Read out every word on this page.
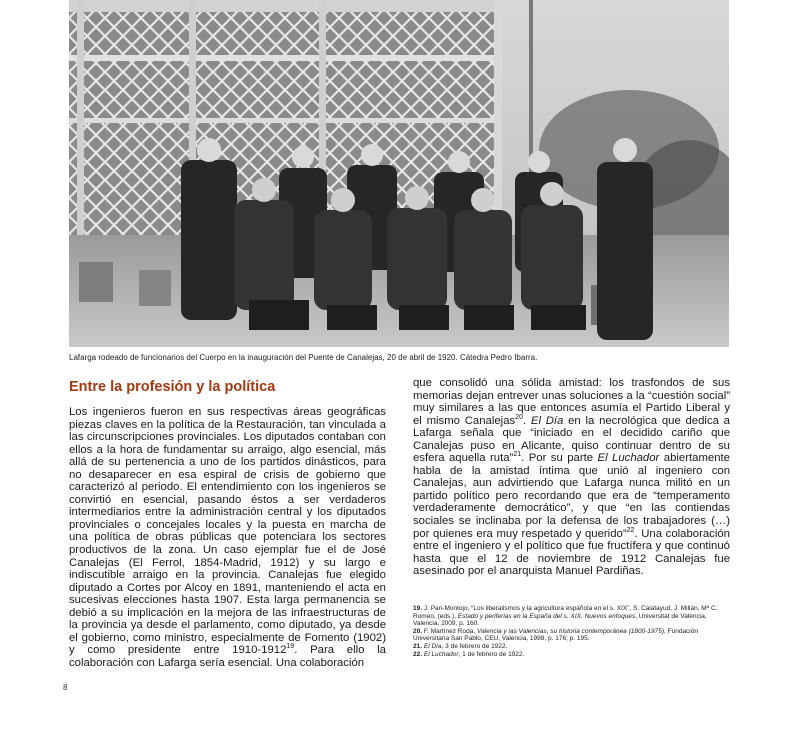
Lafarga rodeado de funcionarios del Cuerpo en la inauguración del Puente de Canalejas, 20 de abril de 1920. Cátedra Pedro Ibarra.
Entre la profesión y la política

Los ingenieros fueron en sus respectivas áreas geográficas piezas claves en la política de la Restauración, tan vinculada a las circunscripciones provinciales. Los diputados contaban con ellos a la hora de fundamentar su arraigo, algo esencial, más allá de su pertenencia a uno de los partidos dinásticos, para no desaparecer en esa espiral de crisis de gobierno que caracterizó al periodo. El entendimiento con los ingenieros se convirtió en esencial, pasando éstos a ser verdaderos intermediarios entre la administración central y los diputados provinciales o concejales locales y la puesta en marcha de una política de obras públicas que potenciara los sectores productivos de la zona. Un caso ejemplar fue el de José Canalejas (El Ferrol, 1854-Madrid, 1912) y su largo e indiscutible arraigo en la provincia. Canalejas fue elegido diputado a Cortes por Alcoy en 1891, manteniendo el acta en sucesivas elecciones hasta 1907. Esta larga permanencia se debió a su implicación en la mejora de las infraestructuras de la provincia ya desde el parlamento, como diputado, ya desde el gobierno, como ministro, especialmente de Fomento (1902) y como presidente entre 1910-1912$^{19}$. Para ello la colaboración con Lafarga sería esencial. Una colaboración

que consolidó una sólida amistad: los trasfondos de sus memorias dejan entrever unas soluciones a la “cuestión social” muy similares a las que entonces asumía el Partido Liberal y el mismo Canalejas$^{20}$. El Día en la necrológica que dedica a Lafarga señala que “iniciado en el decidido cariño que Canalejas puso en Alicante, quiso continuar dentro de su esfera aquella ruta”$^{21}$. Por su parte El Luchador abiertamente habla de la amistad íntima que unió al ingeniero con Canalejas, aun advirtiendo que Lafarga nunca militó en un partido político pero recordando que era de “temperamento verdaderamente democrático”, y que “en las contiendas sociales se inclinaba por la defensa de los trabajadores (…) por quienes era muy respetado y querido”$^{22}$. Una colaboración entre el ingeniero y el político que fue fructífera y que continuó hasta que el 12 de noviembre de 1912 Canalejas fue asesinado por el anarquista Manuel Pardiñas.

19. J. Pan-Montojo, “Los liberalismos y la agricultura española en el s. XIX”, S. Calatayud, J. Millán, Mª C. Romeo, (eds.), Estado y periferias en la España del s. XIX. Nuevos enfoques, Universitat de València, Valencia, 2009, p. 160.

20. F. Martínez Roda, Valencia y las Valencias, su historia contemporánea (1800-1975), Fundación Universitaria San Pablo, CEU, Valencia, 1998, p. 176; p. 195.

21. El Día, 3 de febrero de 1922.

22. El Luchador, 1 de febrero de 1922.

8
